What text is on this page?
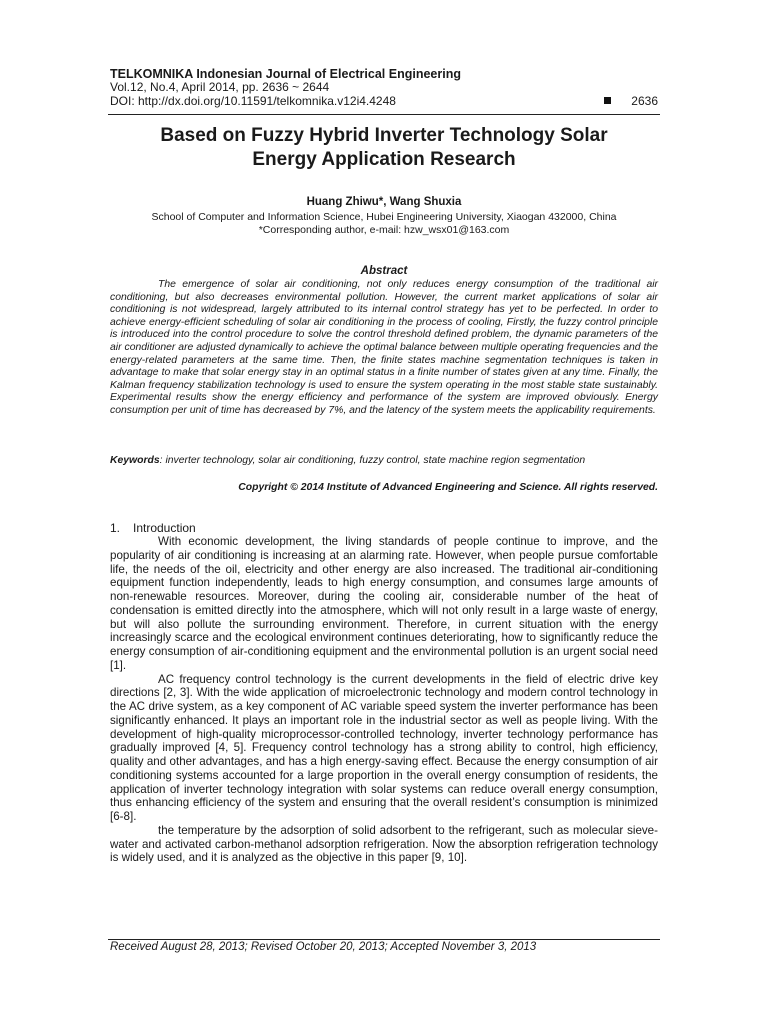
TELKOMNIKA Indonesian Journal of Electrical Engineering
Vol.12, No.4, April 2014, pp. 2636 ~ 2644
DOI: http://dx.doi.org/10.11591/telkomnika.v12i4.4248	2636
Based on Fuzzy Hybrid Inverter Technology Solar
Energy Application Research
Huang Zhiwu*, Wang Shuxia
School of Computer and Information Science, Hubei Engineering University, Xiaogan 432000, China
*Corresponding author, e-mail: hzw_wsx01@163.com
Abstract
The emergence of solar air conditioning, not only reduces energy consumption of the traditional air conditioning, but also decreases environmental pollution. However, the current market applications of solar air conditioning is not widespread, largely attributed to its internal control strategy has yet to be perfected. In order to achieve energy-efficient scheduling of solar air conditioning in the process of cooling, Firstly, the fuzzy control principle is introduced into the control procedure to solve the control threshold defined problem, the dynamic parameters of the air conditioner are adjusted dynamically to achieve the optimal balance between multiple operating frequencies and the energy-related parameters at the same time. Then, the finite states machine segmentation techniques is taken in advantage to make that solar energy stay in an optimal status in a finite number of states given at any time. Finally, the Kalman frequency stabilization technology is used to ensure the system operating in the most stable state sustainably. Experimental results show the energy efficiency and performance of the system are improved obviously. Energy consumption per unit of time has decreased by 7%, and the latency of the system meets the applicability requirements.
Keywords: inverter technology, solar air conditioning, fuzzy control, state machine region segmentation
Copyright © 2014 Institute of Advanced Engineering and Science. All rights reserved.
1. Introduction

With economic development, the living standards of people continue to improve, and the popularity of air conditioning is increasing at an alarming rate. However, when people pursue comfortable life, the needs of the oil, electricity and other energy are also increased. The traditional air-conditioning equipment function independently, leads to high energy consumption, and consumes large amounts of non-renewable resources. Moreover, during the cooling air, considerable number of the heat of condensation is emitted directly into the atmosphere, which will not only result in a large waste of energy, but will also pollute the surrounding environment. Therefore, in current situation with the energy increasingly scarce and the ecological environment continues deteriorating, how to significantly reduce the energy consumption of air-conditioning equipment and the environmental pollution is an urgent social need [1].

AC frequency control technology is the current developments in the field of electric drive key directions [2, 3]. With the wide application of microelectronic technology and modern control technology in the AC drive system, as a key component of AC variable speed system the inverter performance has been significantly enhanced. It plays an important role in the industrial sector as well as people living. With the development of high-quality microprocessor-controlled technology, inverter technology performance has gradually improved [4, 5]. Frequency control technology has a strong ability to control, high efficiency, quality and other advantages, and has a high energy-saving effect. Because the energy consumption of air conditioning systems accounted for a large proportion in the overall energy consumption of residents, the application of inverter technology integration with solar systems can reduce overall energy consumption, thus enhancing efficiency of the system and ensuring that the overall resident’s consumption is minimized [6-8].

the temperature by the adsorption of solid adsorbent to the refrigerant, such as molecular sieve-water and activated carbon-methanol adsorption refrigeration. Now the absorption refrigeration technology is widely used, and it is analyzed as the objective in this paper [9, 10].

Received August 28, 2013; Revised October 20, 2013; Accepted November 3, 2013
